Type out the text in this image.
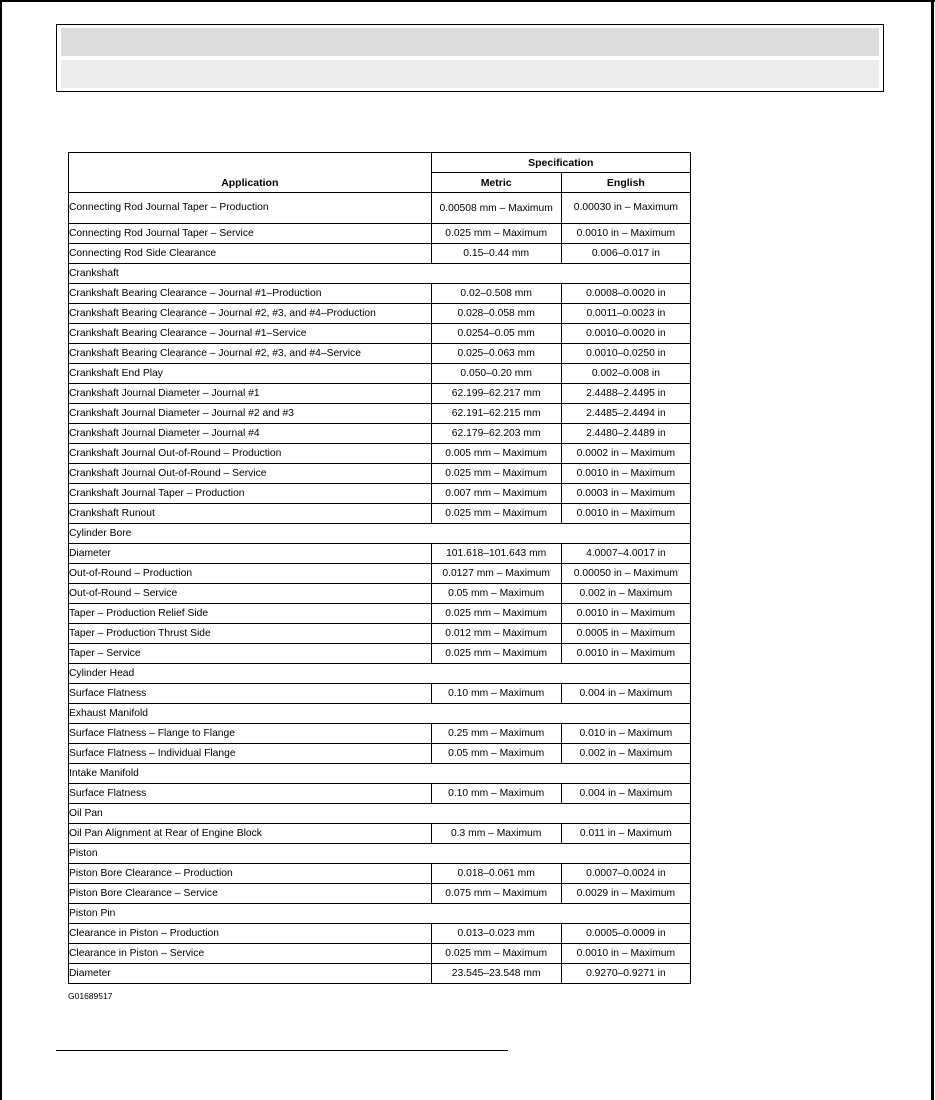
Application	Specification	
	Metric	English
Connecting Rod Journal Taper – Production	0.00508 mm – Maximum	0.00030 in – Maximum
Connecting Rod Journal Taper – Service	0.025 mm – Maximum	0.0010 in – Maximum
Connecting Rod Side Clearance	0.15–0.44 mm	0.006–0.017 in
Crankshaft		
Crankshaft Bearing Clearance – Journal #1–Production	0.02–0.508 mm	0.0008–0.0020 in
Crankshaft Bearing Clearance – Journal #2, #3, and #4–Production	0.028–0.058 mm	0.0011–0.0023 in
Crankshaft Bearing Clearance – Journal #1–Service	0.0254–0.05 mm	0.0010–0.0020 in
Crankshaft Bearing Clearance – Journal #2, #3, and #4–Service	0.025–0.063 mm	0.0010–0.0250 in
Crankshaft End Play	0.050–0.20 mm	0.002–0.008 in
Crankshaft Journal Diameter – Journal #1	62.199–62.217 mm	2.4488–2.4495 in
Crankshaft Journal Diameter – Journal #2 and #3	62.191–62.215 mm	2.4485–2.4494 in
Crankshaft Journal Diameter – Journal #4	62.179–62.203 mm	2.4480–2.4489 in
Crankshaft Journal Out-of-Round – Production	0.005 mm – Maximum	0.0002 in – Maximum
Crankshaft Journal Out-of-Round – Service	0.025 mm – Maximum	0.0010 in – Maximum
Crankshaft Journal Taper – Production	0.007 mm – Maximum	0.0003 in – Maximum
Crankshaft Runout	0.025 mm – Maximum	0.0010 in – Maximum
Cylinder Bore		
Diameter	101.618–101.643 mm	4.0007–4.0017 in
Out-of-Round – Production	0.0127 mm – Maximum	0.00050 in – Maximum
Out-of-Round – Service	0.05 mm – Maximum	0.002 in – Maximum
Taper – Production Relief Side	0.025 mm – Maximum	0.0010 in – Maximum
Taper – Production Thrust Side	0.012 mm – Maximum	0.0005 in – Maximum
Taper – Service	0.025 mm – Maximum	0.0010 in – Maximum
Cylinder Head		
Surface Flatness	0.10 mm – Maximum	0.004 in – Maximum
Exhaust Manifold		
Surface Flatness – Flange to Flange	0.25 mm – Maximum	0.010 in – Maximum
Surface Flatness – Individual Flange	0.05 mm – Maximum	0.002 in – Maximum
Intake Manifold		
Surface Flatness	0.10 mm – Maximum	0.004 in – Maximum
Oil Pan		
Oil Pan Alignment at Rear of Engine Block	0.3 mm – Maximum	0.011 in – Maximum
Piston		
Piston Bore Clearance – Production	0.018–0.061 mm	0.0007–0.0024 in
Piston Bore Clearance – Service	0.075 mm – Maximum	0.0029 in – Maximum
Piston Pin		
Clearance in Piston – Production	0.013–0.023 mm	0.0005–0.0009 in
Clearance in Piston – Service	0.025 mm – Maximum	0.0010 in – Maximum
Diameter	23.545–23.548 mm	0.9270–0.9271 in
G01689517
